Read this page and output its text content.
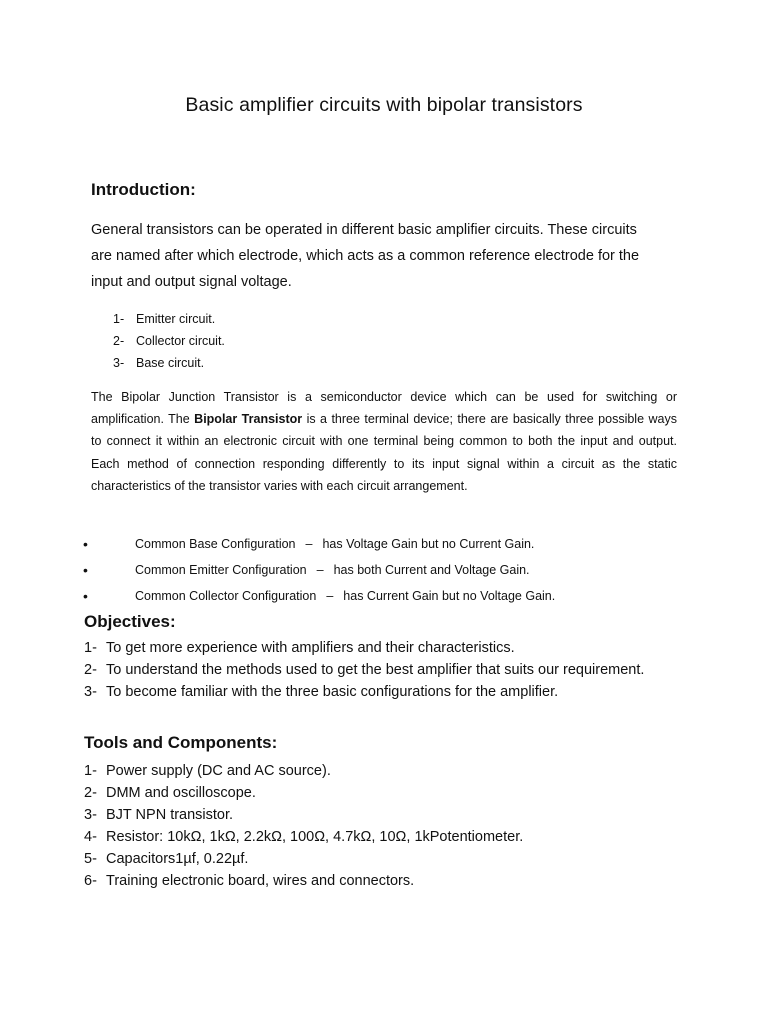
Basic amplifier circuits with bipolar transistors
Introduction:
General transistors can be operated in different basic amplifier circuits. These circuits are named after which electrode, which acts as a common reference electrode for the input and output signal voltage.
1- Emitter circuit.
2- Collector circuit.
3- Base circuit.
The Bipolar Junction Transistor is a semiconductor device which can be used for switching or amplification. The Bipolar Transistor is a three terminal device; there are basically three possible ways to connect it within an electronic circuit with one terminal being common to both the input and output. Each method of connection responding differently to its input signal within a circuit as the static characteristics of the transistor varies with each circuit arrangement.
•	Common Base Configuration – has Voltage Gain but no Current Gain.
•	Common Emitter Configuration – has both Current and Voltage Gain.
•	Common Collector Configuration – has Current Gain but no Voltage Gain.
Objectives:
1- To get more experience with amplifiers and their characteristics.
2- To understand the methods used to get the best amplifier that suits our requirement.
3- To become familiar with the three basic configurations for the amplifier.
Tools and Components:
1- Power supply (DC and AC source).
2- DMM and oscilloscope.
3- BJT NPN transistor.
4- Resistor: 10kΩ, 1kΩ, 2.2kΩ, 100Ω, 4.7kΩ, 10Ω, 1kPotentiometer.
5- Capacitors1µf, 0.22µf.
6- Training electronic board, wires and connectors.
